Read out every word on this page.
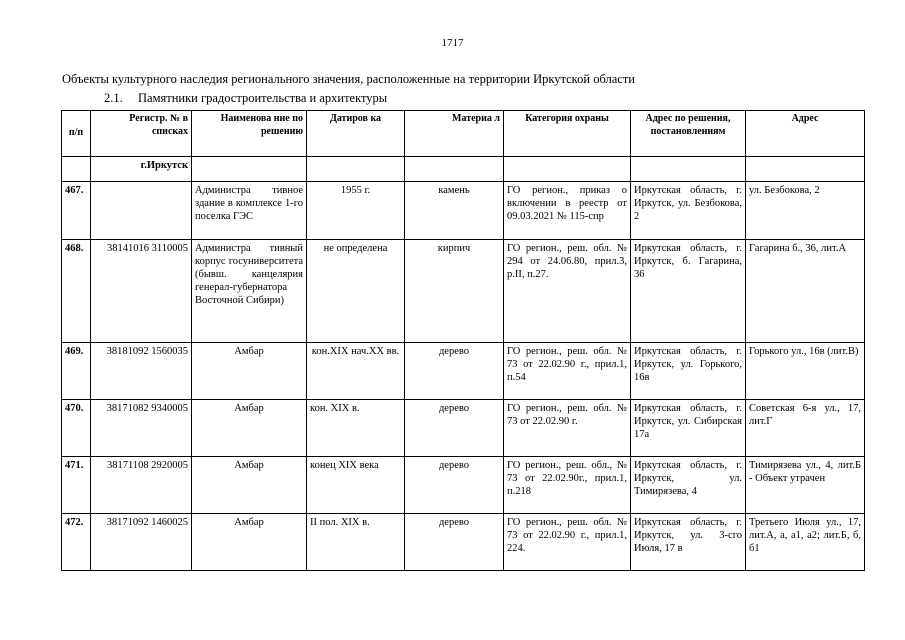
1717
Объекты культурного наследия регионального значения, расположенные на территории Иркутской области
2.1. Памятники градостроительства и архитектуры
п/п	Регистр. № в списках	Наименова ние по решению	Датиров ка	Материа л	Категория охраны	Адрес по решения, постановлениям	Адрес
	г.Иркутск						
467.		Администра тивное здание в комплексе 1-го поселка ГЭС	1955 г.	камень	ГО регион., приказ о включении в реестр от 09.03.2021 № 115-спр	Иркутская область, г. Иркутск, ул. Безбокова, 2	ул. Безбокова, 2
468.	38141016 3110005	Администра тивный корпус госуниверситета (бывш. канцелярия генерал-губернатора Восточной Сибири)	не определена	кирпич	ГО регион., реш. обл. № 294 от 24.06.80, прил.3, р.II, п.27.	Иркутская область, г. Иркутск, б. Гагарина, 36	Гагарина б., 36, лит.А
469.	38181092 1560035	Амбар	кон.XIX нач.XX вв.	дерево	ГО регион., реш. обл. № 73 от 22.02.90 г., прил.1, п.54	Иркутская область, г. Иркутск, ул. Горького, 16в	Горького ул., 16в (лит.В)
470.	38171082 9340005	Амбар	кон. XIX в.	дерево	ГО регион., реш. обл. № 73 от 22.02.90 г.	Иркутская область, г. Иркутск, ул. Сибирская 17а	Советская 6-я ул., 17, лит.Г
471.	38171108 2920005	Амбар	конец XIX века	дерево	ГО регион., реш. обл., № 73 от 22.02.90г., прил.1, п.218	Иркутская область, г. Иркутск, ул. Тимирязева, 4	Тимирязева ул., 4, лит.Б - Объект утрачен
472.	38171092 1460025	Амбар	II пол. XIX в.	дерево	ГО регион., реш. обл. № 73 от 22.02.90 г., прил.1, 224.	Иркутская область, г. Иркутск, ул. 3-сго Июля, 17 в	Третьего Июля ул., 17, лит.А, а, а1, а2; лит.Б, б, б1
